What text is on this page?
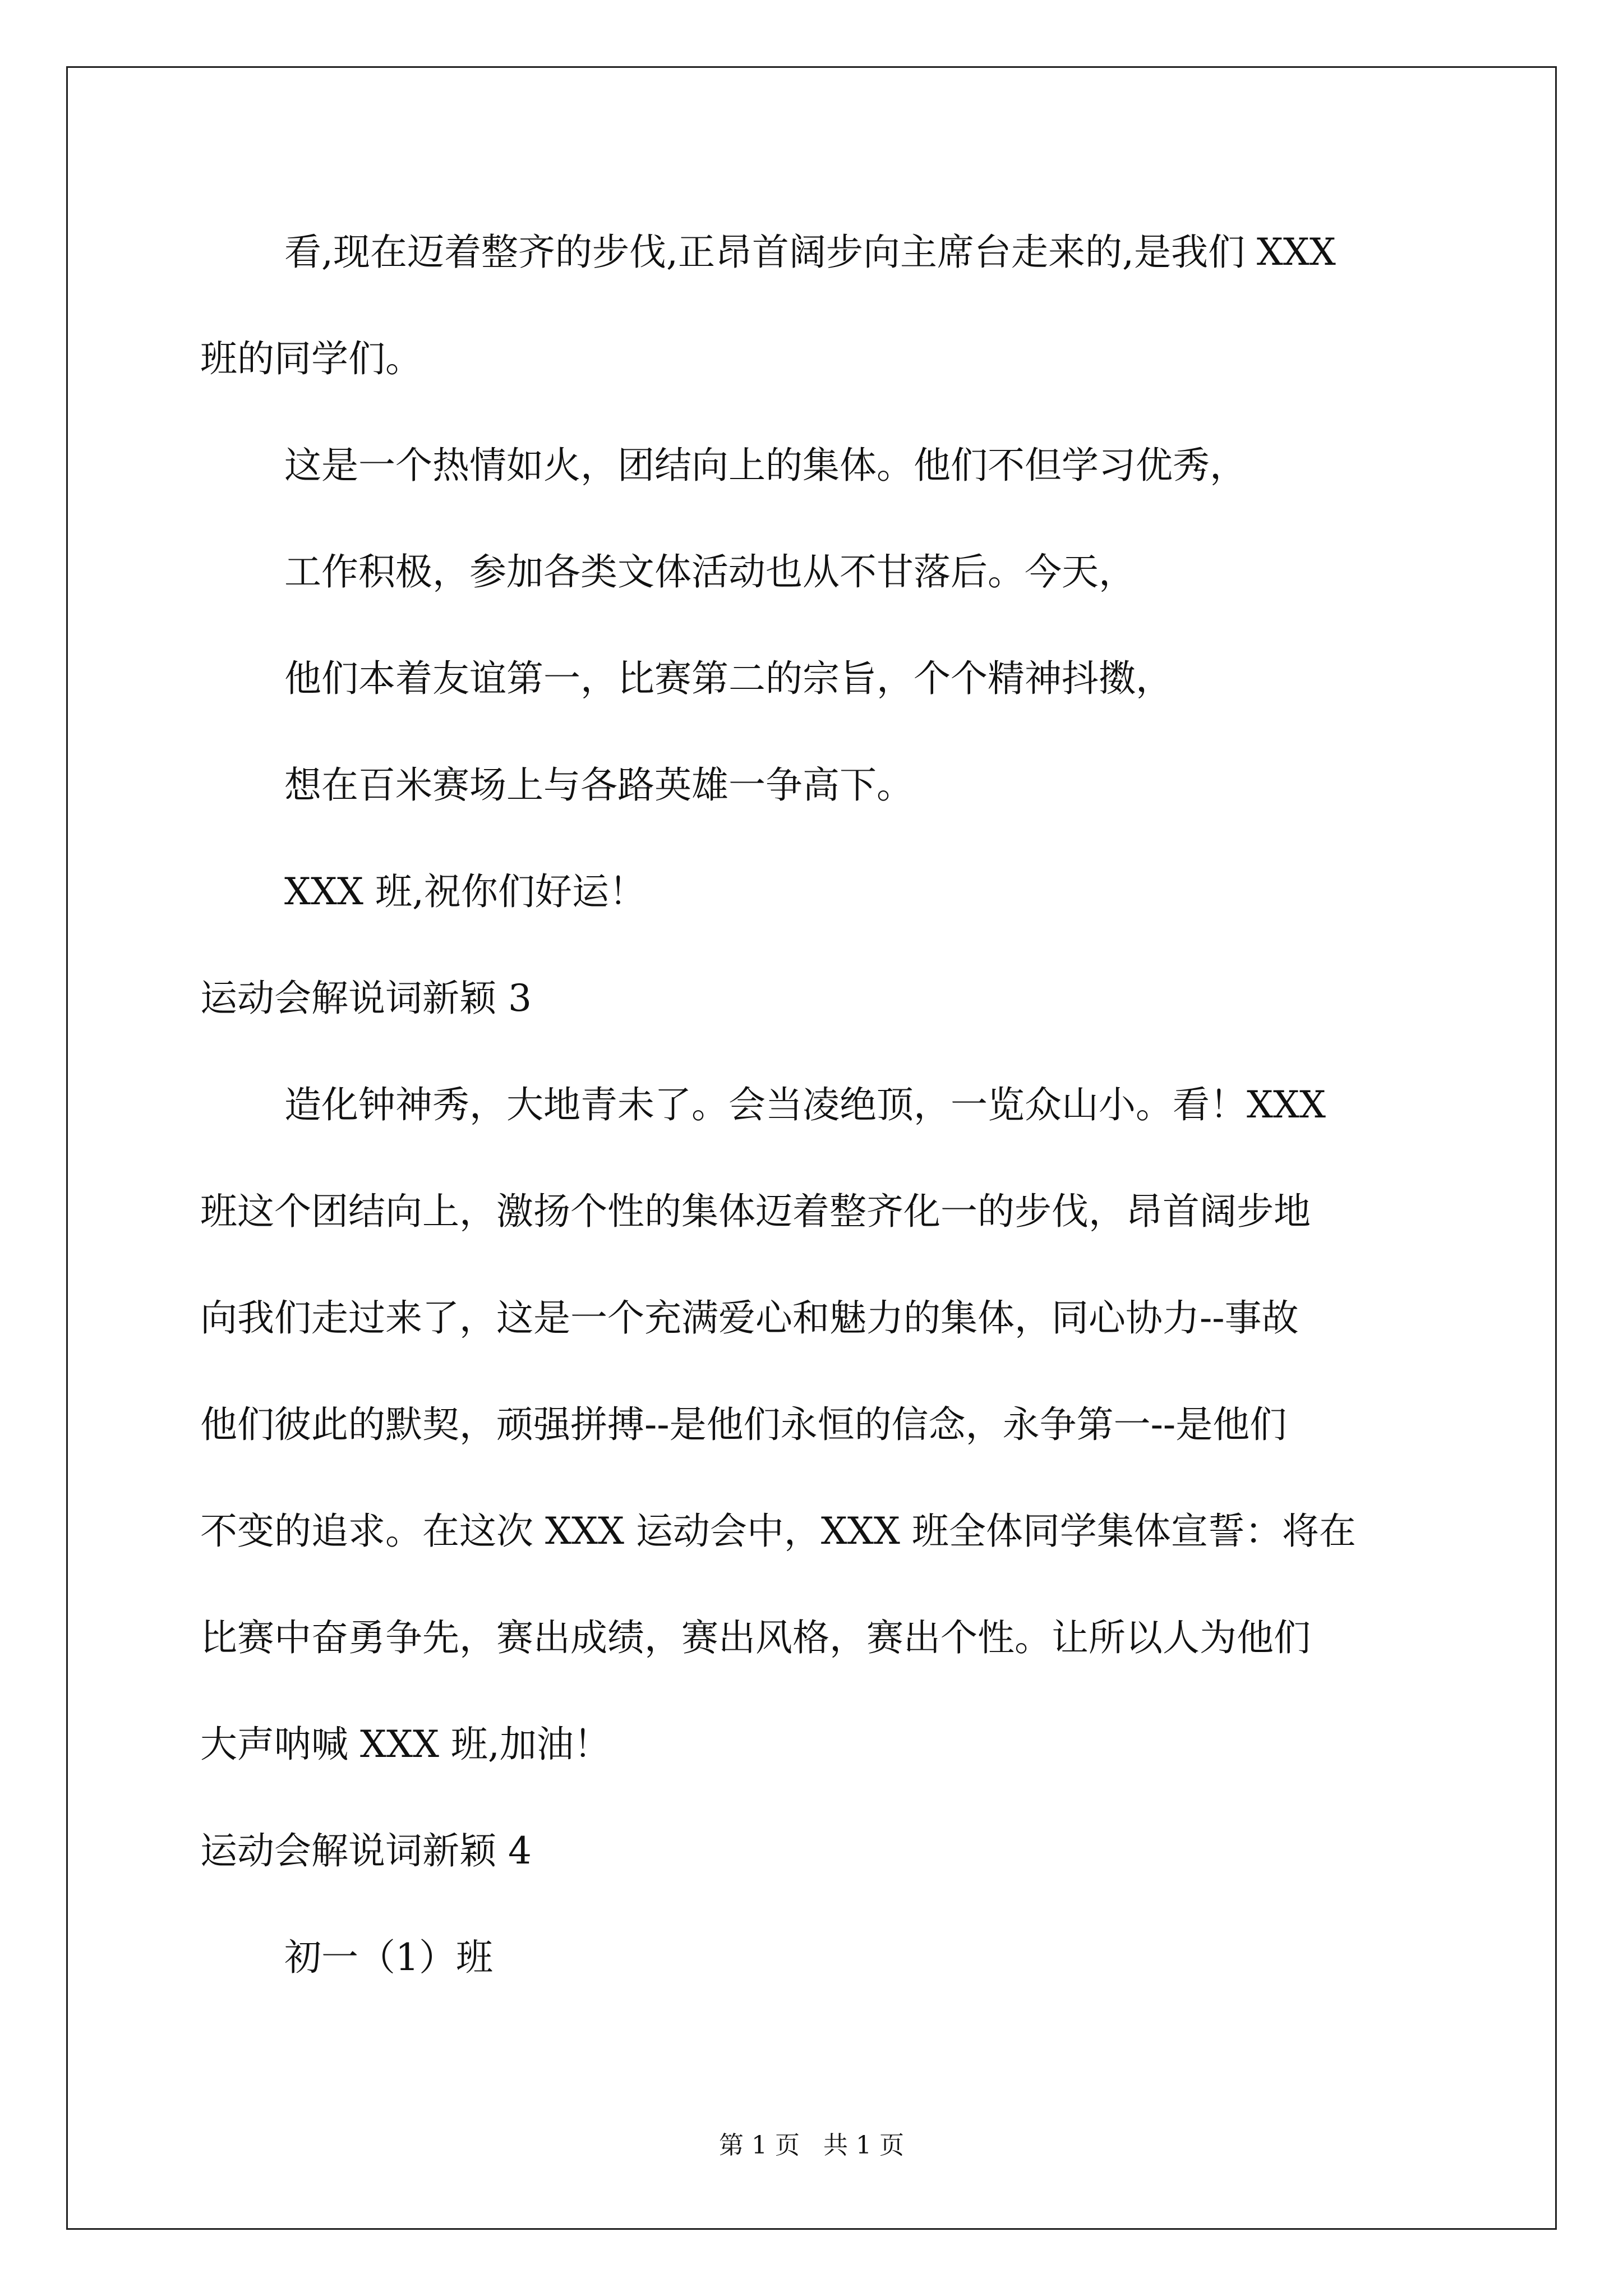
看,现在迈着整齐的步伐,正昂首阔步向主席台走来的,是我们 XXX
班的同学们。
这是一个热情如火，团结向上的集体。他们不但学习优秀，
工作积极，参加各类文体活动也从不甘落后。今天，
他们本着友谊第一，比赛第二的宗旨，个个精神抖擞，
想在百米赛场上与各路英雄一争高下。
XXX 班,祝你们好运！
运动会解说词新颖 3
造化钟神秀，大地青未了。会当凌绝顶，一览众山小。看！XXX
班这个团结向上，激扬个性的集体迈着整齐化一的步伐，昂首阔步地
向我们走过来了，这是一个充满爱心和魅力的集体，同心协力--事故
他们彼此的默契，顽强拼搏--是他们永恒的信念，永争第一--是他们
不变的追求。在这次 XXX 运动会中，XXX 班全体同学集体宣誓：将在
比赛中奋勇争先，赛出成绩，赛出风格，赛出个性。让所以人为他们
大声呐喊 XXX 班,加油！
运动会解说词新颖 4
初一（1）班
第 1 页   共 1 页
